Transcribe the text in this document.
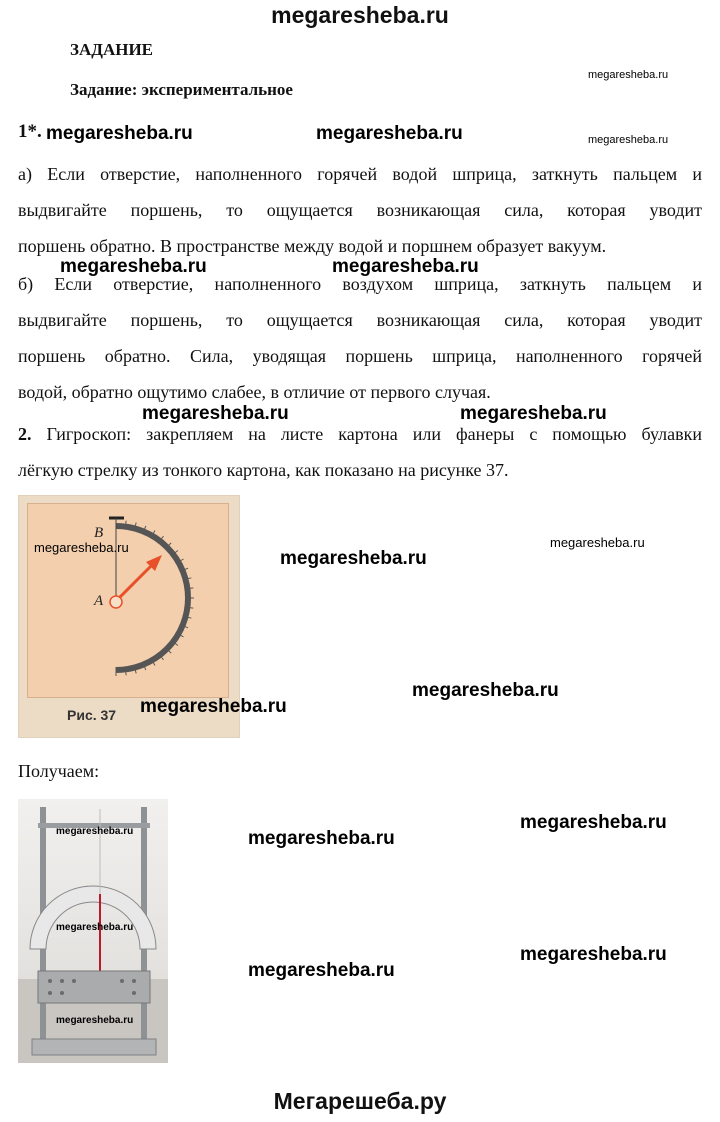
megaresheba.ru
ЗАДАНИЕ
Задание: экспериментальное
megaresheba.ru
1*. megaresheba.ru	megaresheba.ru	megaresheba.ru
а) Если отверстие, наполненного горячей водой шприца, заткнуть пальцем и
выдвигайте поршень, то ощущается возникающая сила, которая уводит
поршень обратно. В пространстве между водой и поршнем образует вакуум.
megaresheba.ru	megaresheba.ru
б) Если отверстие, наполненного воздухом шприца, заткнуть пальцем и
выдвигайте поршень, то ощущается возникающая сила, которая уводит
поршень обратно. Сила, уводящая поршень шприца, наполненного горячей
водой, обратно ощутимо слабее, в отличие от первого случая.
megaresheba.ru	megaresheba.ru
2. Гигроскоп: закрепляем на листе картона или фанеры с помощью булавки
лёгкую стрелку из тонкого картона, как показано на рисунке 37.
B
A
Рис. 37
megaresheba.ru
megaresheba.ru
megaresheba.ru
megaresheba.ru
megaresheba.ru
Получаем:
megaresheba.ru
megaresheba.ru
megaresheba.ru
megaresheba.ru
megaresheba.ru
megaresheba.ru
megaresheba.ru
Мегарешеба.ру
